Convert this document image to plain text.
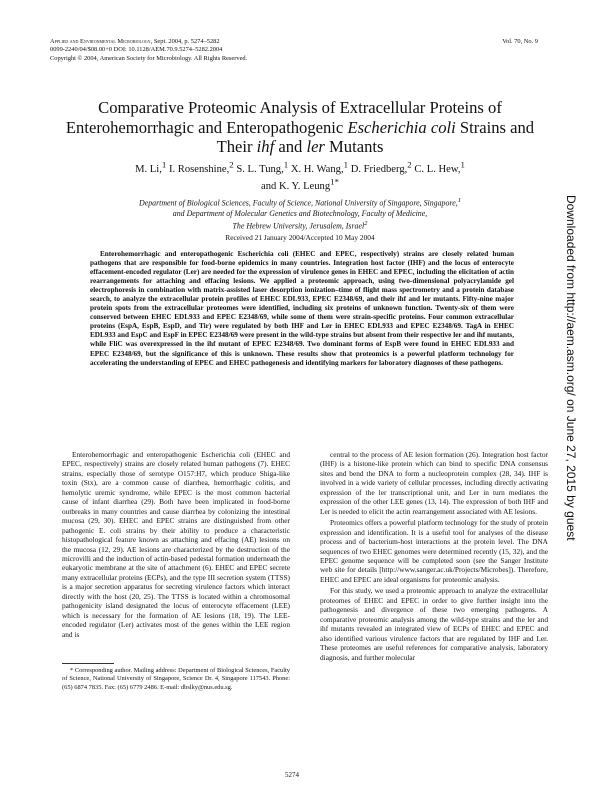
Applied and Environmental Microbiology, Sept. 2004, p. 5274–5282
0099-2240/04/$08.00+0 DOI: 10.1128/AEM.70.9.5274–5282.2004
Copyright © 2004, American Society for Microbiology. All Rights Reserved.
Vol. 70, No. 9
Comparative Proteomic Analysis of Extracellular Proteins of Enterohemorrhagic and Enteropathogenic Escherichia coli Strains and Their ihf and ler Mutants
M. Li,$^1$ I. Rosenshine,$^2$ S. L. Tung,$^1$ X. H. Wang,$^1$ D. Friedberg,$^2$ C. L. Hew,$^1$
and K. Y. Leung$^{1*}$
Department of Biological Sciences, Faculty of Science, National University of Singapore, Singapore,$^1$
and Department of Molecular Genetics and Biotechnology, Faculty of Medicine,
The Hebrew University, Jerusalem, Israel$^2$
Received 21 January 2004/Accepted 10 May 2004

Enterohemorrhagic and enteropathogenic Escherichia coli (EHEC and EPEC, respectively) strains are closely related human pathogens that are responsible for food-borne epidemics in many countries. Integration host factor (IHF) and the locus of enterocyte effacement-encoded regulator (Ler) are needed for the expression of virulence genes in EHEC and EPEC, including the elicitation of actin rearrangements for attaching and effacing lesions. We applied a proteomic approach, using two-dimensional polyacrylamide gel electrophoresis in combination with matrix-assisted laser desorption ionization–time of flight mass spectrometry and a protein database search, to analyze the extracellular protein profiles of EHEC EDL933, EPEC E2348/69, and their ihf and ler mutants. Fifty-nine major protein spots from the extracellular proteomes were identified, including six proteins of unknown function. Twenty-six of them were conserved between EHEC EDL933 and EPEC E2348/69, while some of them were strain-specific proteins. Four common extracellular proteins (EspA, EspB, EspD, and Tir) were regulated by both IHF and Ler in EHEC EDL933 and EPEC E2348/69. TagA in EHEC EDL933 and EspC and EspF in EPEC E2348/69 were present in the wild-type strains but absent from their respective ler and ihf mutants, while FliC was overexpressed in the ihf mutant of EPEC E2348/69. Two dominant forms of EspB were found in EHEC EDL933 and EPEC E2348/69, but the significance of this is unknown. These results show that proteomics is a powerful platform technology for accelerating the understanding of EPEC and EHEC pathogenesis and identifying markers for laboratory diagnoses of these pathogens.

Enterohemorrhagic and enteropathogenic Escherichia coli (EHEC and EPEC, respectively) strains are closely related human pathogens (7). EHEC strains, especially those of serotype O157:H7, which produce Shiga-like toxin (Stx), are a common cause of diarrhea, hemorrhagic colitis, and hemolytic uremic syndrome, while EPEC is the most common bacterial cause of infant diarrhea (29). Both have been implicated in food-borne outbreaks in many countries and cause diarrhea by colonizing the intestinal mucosa (29, 30). EHEC and EPEC strains are distinguished from other pathogenic E. coli strains by their ability to produce a characteristic histopathological feature known as attaching and effacing (AE) lesions on the mucosa (12, 29). AE lesions are characterized by the destruction of the microvilli and the induction of actin-based pedestal formation underneath the eukaryotic membrane at the site of attachment (6). EHEC and EPEC secrete many extracellular proteins (ECPs), and the type III secretion system (TTSS) is a major secretion apparatus for secreting virulence factors which interact directly with the host (20, 25). The TTSS is located within a chromosomal pathogenicity island designated the locus of enterocyte effacement (LEE) which is necessary for the formation of AE lesions (18, 19). The LEE-encoded regulator (Ler) activates most of the genes within the LEE region and is

* Corresponding author. Mailing address: Department of Biological Sciences, Faculty of Science, National University of Singapore, Science Dr. 4, Singapore 117543. Phone: (65) 6874 7835. Fax: (65) 6779 2486. E-mail: dbslky@nus.edu.sg.

central to the process of AE lesion formation (26). Integration host factor (IHF) is a histone-like protein which can bind to specific DNA consensus sites and bend the DNA to form a nucleoprotein complex (28, 34). IHF is involved in a wide variety of cellular processes, including directly activating expression of the ler transcriptional unit, and Ler in turn mediates the expression of the other LEE genes (13, 14). The expression of both IHF and Ler is needed to elicit the actin rearrangement associated with AE lesions.

Proteomics offers a powerful platform technology for the study of protein expression and identification. It is a useful tool for analyses of the disease process and of bacterium-host interactions at the protein level. The DNA sequences of two EHEC genomes were determined recently (15, 32), and the EPEC genome sequence will be completed soon (see the Sanger Institute web site for details [http://www.sanger.ac.uk/Projects/Microbes]). Therefore, EHEC and EPEC are ideal organisms for proteomic analysis.

For this study, we used a proteomic approach to analyze the extracellular proteomes of EHEC and EPEC in order to give further insight into the pathogenesis and divergence of these two emerging pathogens. A comparative proteomic analysis among the wild-type strains and the ler and ihf mutants revealed an integrated view of ECPs of EHEC and EPEC and also identified various virulence factors that are regulated by IHF and Ler. These proteomes are useful references for comparative analysis, laboratory diagnosis, and further molecular

5274
Downloaded from http://aem.asm.org/ on June 27, 2015 by guest
